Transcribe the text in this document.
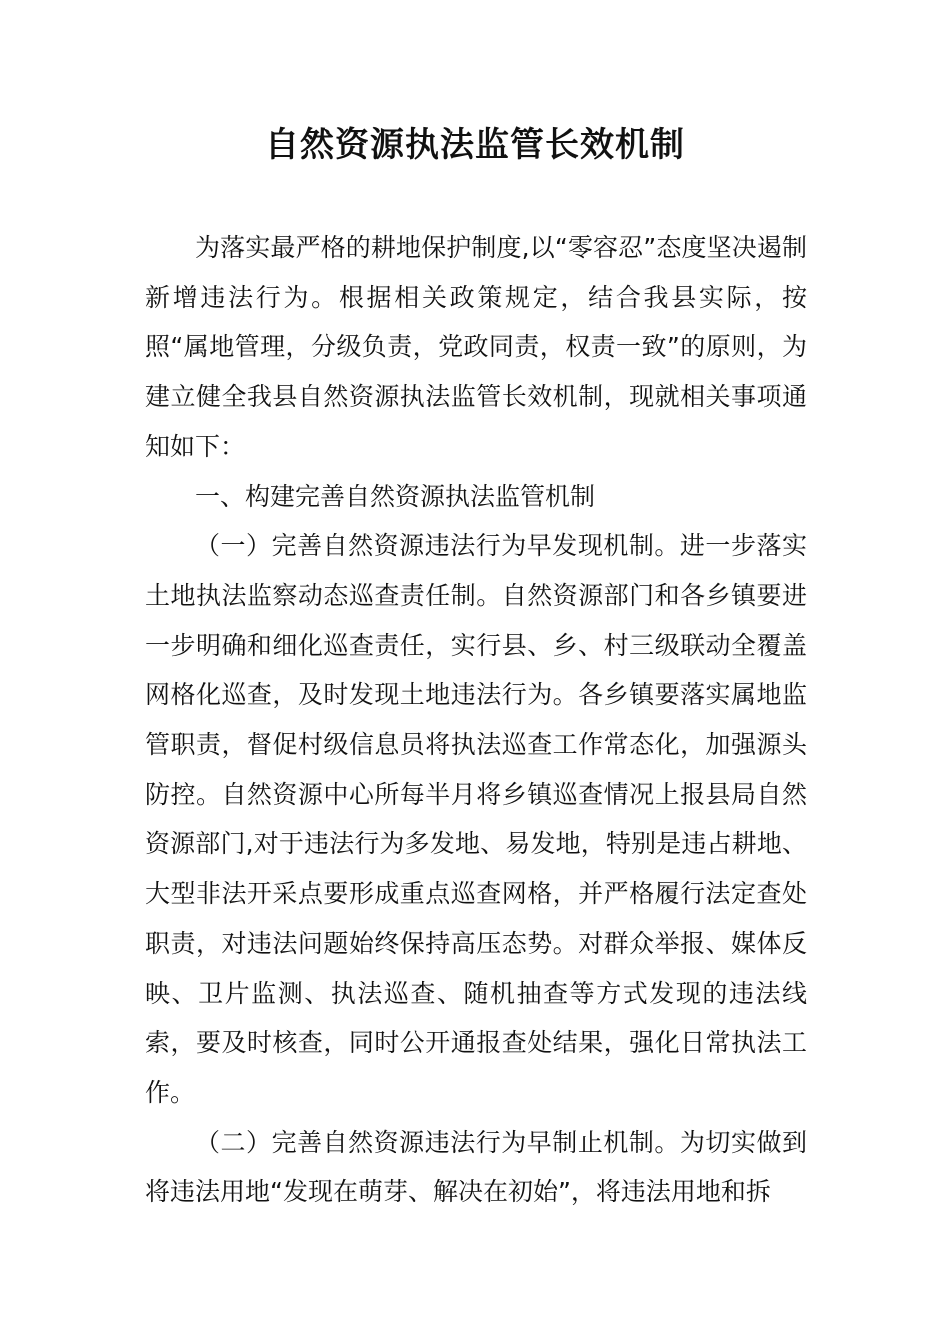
自然资源执法监管长效机制

为落实最严格的耕地保护制度,以“零容忍”态度坚决遏制新增违法行为。根据相关政策规定，结合我县实际，按照“属地管理，分级负责，党政同责，权责一致”的原则，为建立健全我县自然资源执法监管长效机制，现就相关事项通知如下：

一、构建完善自然资源执法监管机制

（一）完善自然资源违法行为早发现机制。进一步落实土地执法监察动态巡查责任制。自然资源部门和各乡镇要进一步明确和细化巡查责任，实行县、乡、村三级联动全覆盖网格化巡查，及时发现土地违法行为。各乡镇要落实属地监管职责，督促村级信息员将执法巡查工作常态化，加强源头防控。自然资源中心所每半月将乡镇巡查情况上报县局自然资源部门,对于违法行为多发地、易发地，特别是违占耕地、大型非法开采点要形成重点巡查网格，并严格履行法定查处职责，对违法问题始终保持高压态势。对群众举报、媒体反映、卫片监测、执法巡查、随机抽查等方式发现的违法线索，要及时核查，同时公开通报查处结果，强化日常执法工作。

（二）完善自然资源违法行为早制止机制。为切实做到将违法用地“发现在萌芽、解决在初始”，将违法用地和拆
